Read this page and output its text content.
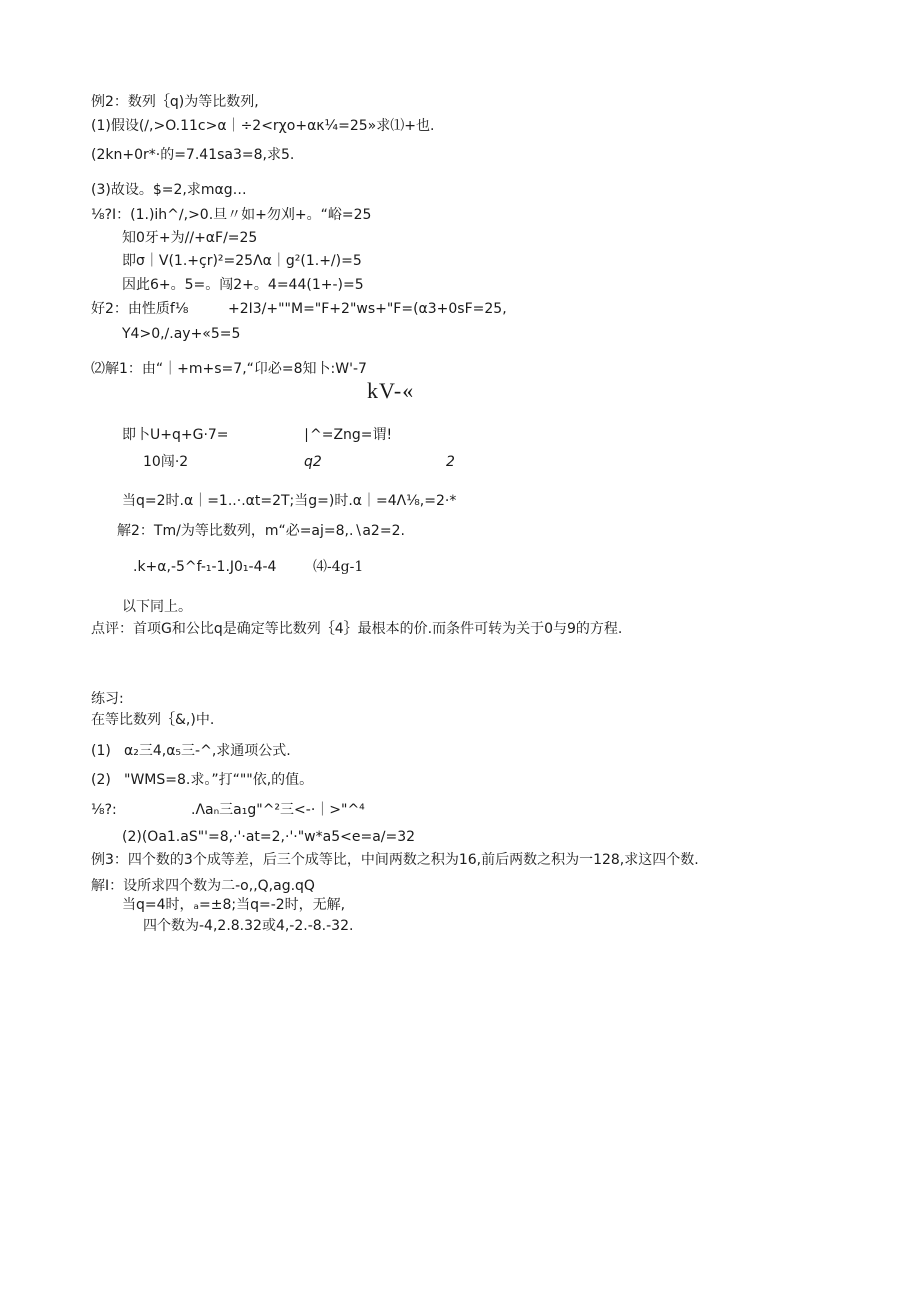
例2：数列｛q)为等比数列,
(1)假设(∕,>O.11c>α｜÷2<rχo+ακ¼=25»求⑴+也.
(2kn+0r*·的=7.41sa3=8,求5.
(3)故设。$=2,求mαg…
⅛?I：(1.)ih^∕,>0.旦〃如+勿刈+。“峪=25
知0牙+为//+αF∕=25
即σ｜V(1.+çr)²=25Λα｜g²(1.+/)=5
因此6+。5=。闯2+。4=44(1+-)=5
好2：由性质f⅛	+2I3/+""M="F+2"ws+"F=(α3+0sF=25,
Y4>0,∕.ay+«5=5
⑵解1：由“｜+m+s=7,“卬必=8知卜:W'-7
kV-«
即卜U+q+G·7=	∣^=Zng=谓!
10闯·2	q2	2
当q=2时.α｜=1..·.αt=2T;当g=)时.α｜=4Λ⅛,=2·*
解2：Tm/为等比数列，m“必=aj=8,.∖a2=2.
.k+α,-5^f-₁-1.J0₁-4-4	⑷-4g-1
以下同上。
点评：首项G和公比q是确定等比数列｛4｝最根本的价.而条件可转为关于0与9的方程.
练习:
在等比数列｛&,)中.
(1) α₂三4,α₅三-^,求通项公式.
(2) "WMS=8.求。”打“""依,的值。
⅛?:	.Λaₙ三a₁g"^²三<-·｜>"^⁴
(2)(Oa1.aS"'=8,·'·at=2,·'·"w*a5<e=a∕=32
例3：四个数的3个成等差，后三个成等比，中间两数之积为16,前后两数之积为一128,求这四个数.
解I：设所求四个数为二-o,,Q,ag.qQ
当q=4时，ₐ=±8;当q=-2时，无解,
四个数为-4,2.8.32或4,-2.-8.-32.
